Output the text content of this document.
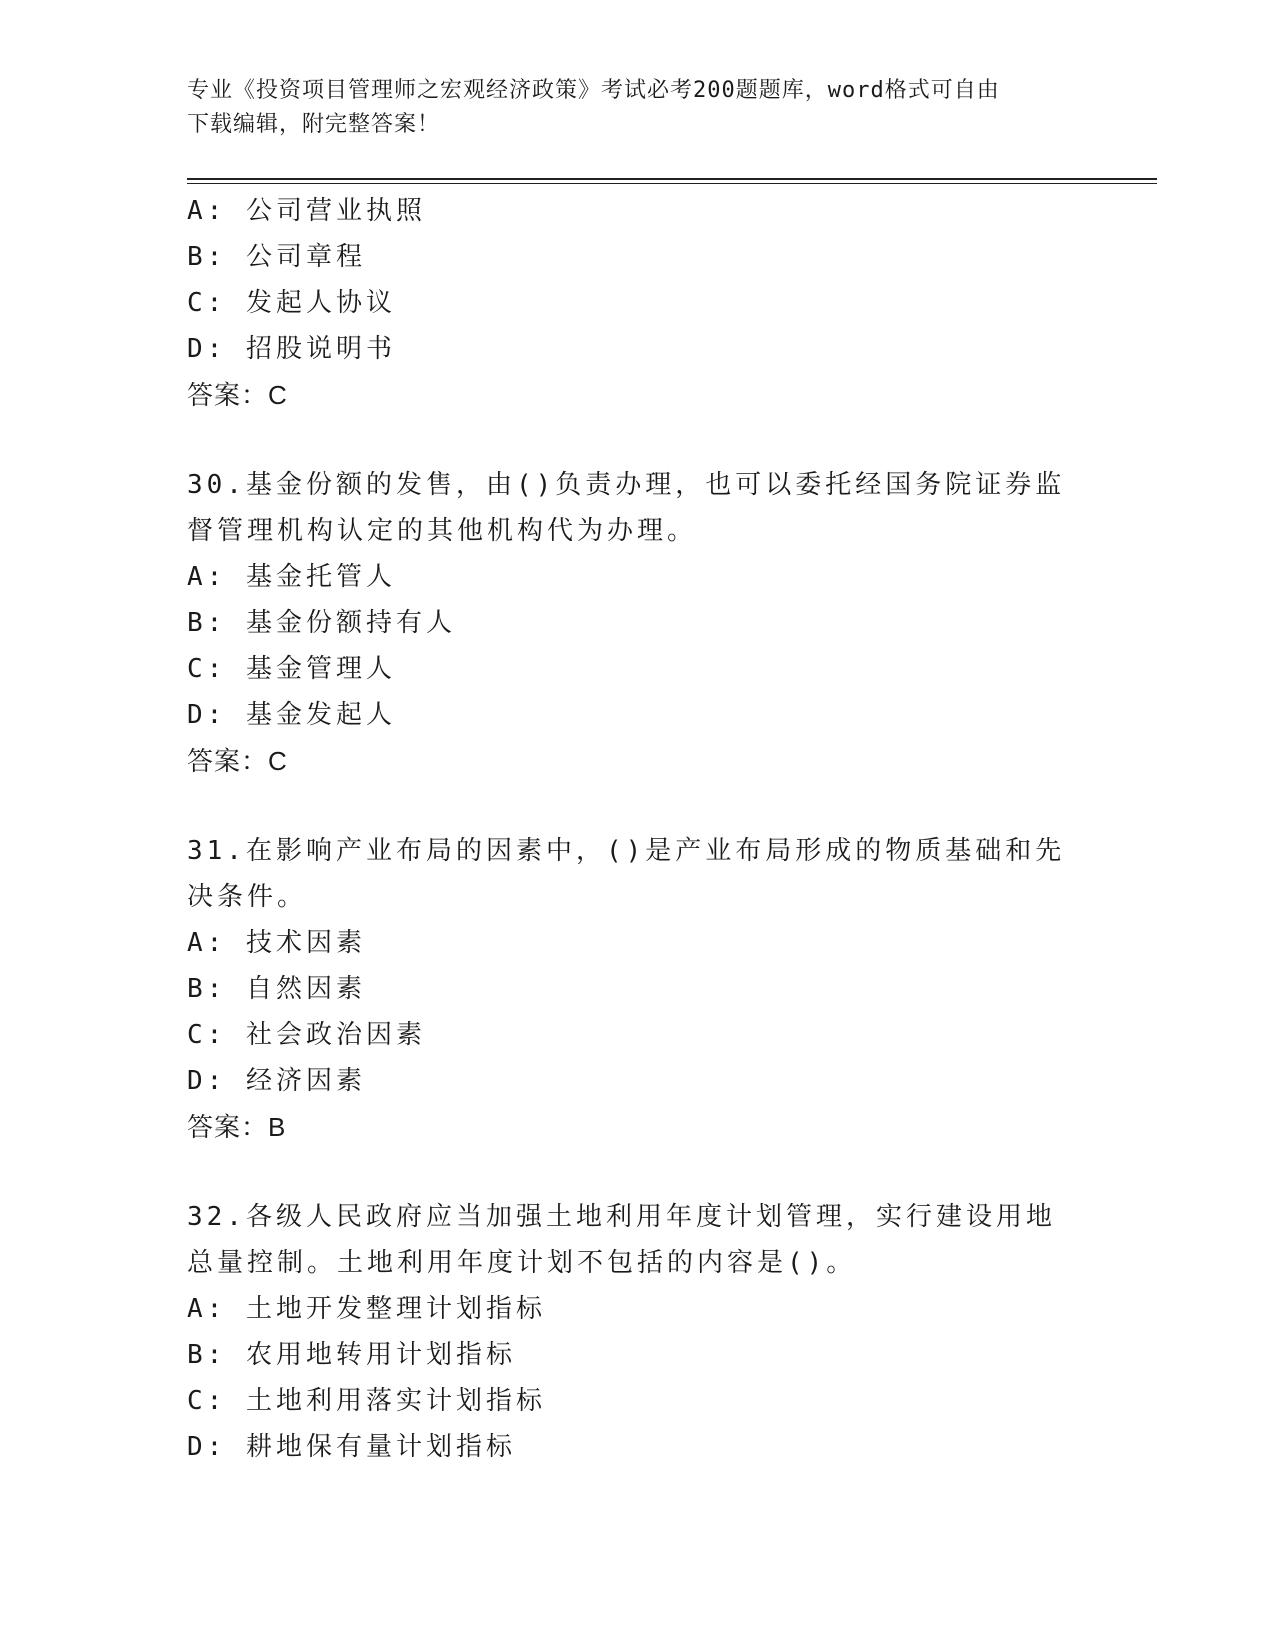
专业《投资项目管理师之宏观经济政策》考试必考200题题库，word格式可自由
下载编辑，附完整答案！
A: 公司营业执照
B: 公司章程
C: 发起人协议
D: 招股说明书
答案：C
30.基金份额的发售，由()负责办理，也可以委托经国务院证券监督管理机构认定的其他机构代为办理。
A: 基金托管人
B: 基金份额持有人
C: 基金管理人
D: 基金发起人
答案：C
31.在影响产业布局的因素中，()是产业布局形成的物质基础和先决条件。
A: 技术因素
B: 自然因素
C: 社会政治因素
D: 经济因素
答案：B
32.各级人民政府应当加强土地利用年度计划管理，实行建设用地总量控制。土地利用年度计划不包括的内容是()。
A: 土地开发整理计划指标
B: 农用地转用计划指标
C: 土地利用落实计划指标
D: 耕地保有量计划指标
